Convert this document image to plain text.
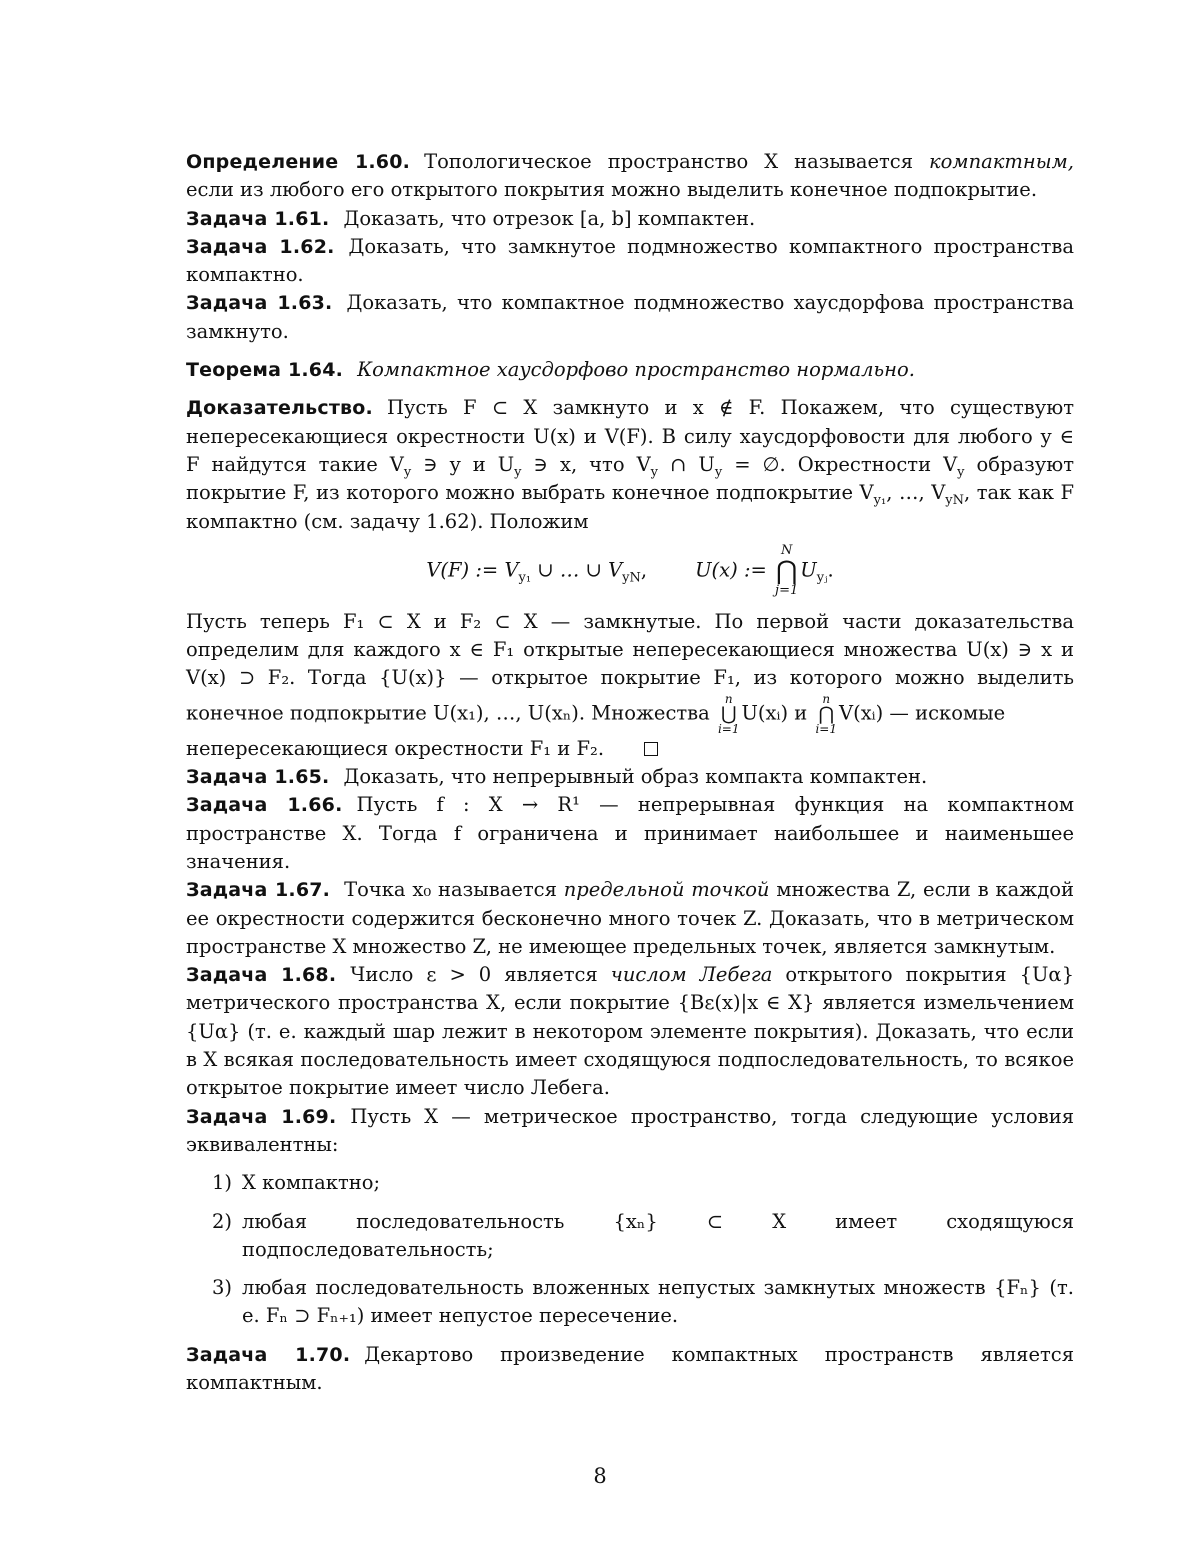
Определение 1.60. Топологическое пространство X называется компактным, если из любого его открытого покрытия можно выделить конечное подпокрытие.

Задача 1.61. Доказать, что отрезок [a, b] компактен.

Задача 1.62. Доказать, что замкнутое подмножество компактного пространства компактно.

Задача 1.63. Доказать, что компактное подмножество хаусдорфова пространства замкнуто.

Теорема 1.64. Компактное хаусдорфово пространство нормально.

Доказательство. Пусть F ⊂ X замкнуто и x ∉ F. Покажем, что существуют непересекающиеся окрестности U(x) и V(F). В силу хаусдорфовости для любого y ∈ F найдутся такие $V_y$ ∋ y и $U_y$ ∋ x, что $V_y$ ∩ $U_y$ = ∅. Окрестности $V_y$ образуют покрытие F, из которого можно выбрать конечное подпокрытие $V_{y_1}$, …, $V_{yN}$, так как F компактно (см. задачу 1.62). Положим

V(F) := $V_{y_1}$ ∪ … ∪ $V_{yN}$, U(x) :=
N
⋂
j=1
$U_{yⱼ}$.

Пусть теперь F₁ ⊂ X и F₂ ⊂ X — замкнутые. По первой части доказательства определим для каждого x ∈ F₁ открытые непересекающиеся множества U(x) ∋ x и V(x) ⊃ F₂. Тогда {U(x)} — открытое покрытие F₁, из которого можно выделить конечное подпокрытие U(x₁), …, U(xₙ). Множества
n
⋃
i=1
U(xᵢ) и
n
⋂
i=1
V(xᵢ) — искомые
непересекающиеся окрестности F₁ и F₂.

Задача 1.65. Доказать, что непрерывный образ компакта компактен.

Задача 1.66. Пусть f : X → R¹ — непрерывная функция на компактном пространстве X. Тогда f ограничена и принимает наибольшее и наименьшее значения.

Задача 1.67. Точка x₀ называется предельной точкой множества Z, если в каждой ее окрестности содержится бесконечно много точек Z. Доказать, что в метрическом пространстве X множество Z, не имеющее предельных точек, является замкнутым.

Задача 1.68. Число ε > 0 является числом Лебега открытого покрытия {Uα} метрического пространства X, если покрытие {Bε(x)|x ∈ X} является измельчением {Uα} (т. е. каждый шар лежит в некотором элементе покрытия). Доказать, что если в X всякая последовательность имеет сходящуюся подпоследовательность, то всякое открытое покрытие имеет число Лебега.

Задача 1.69. Пусть X — метрическое пространство, тогда следующие условия эквивалентны:

1) X компактно;
2) любая последовательность {xₙ} ⊂ X имеет сходящуюся подпоследовательность;
3) любая последовательность вложенных непустых замкнутых множеств {Fₙ} (т. е. Fₙ ⊃ Fₙ₊₁) имеет непустое пересечение.

Задача 1.70. Декартово произведение компактных пространств является компактным.

8
